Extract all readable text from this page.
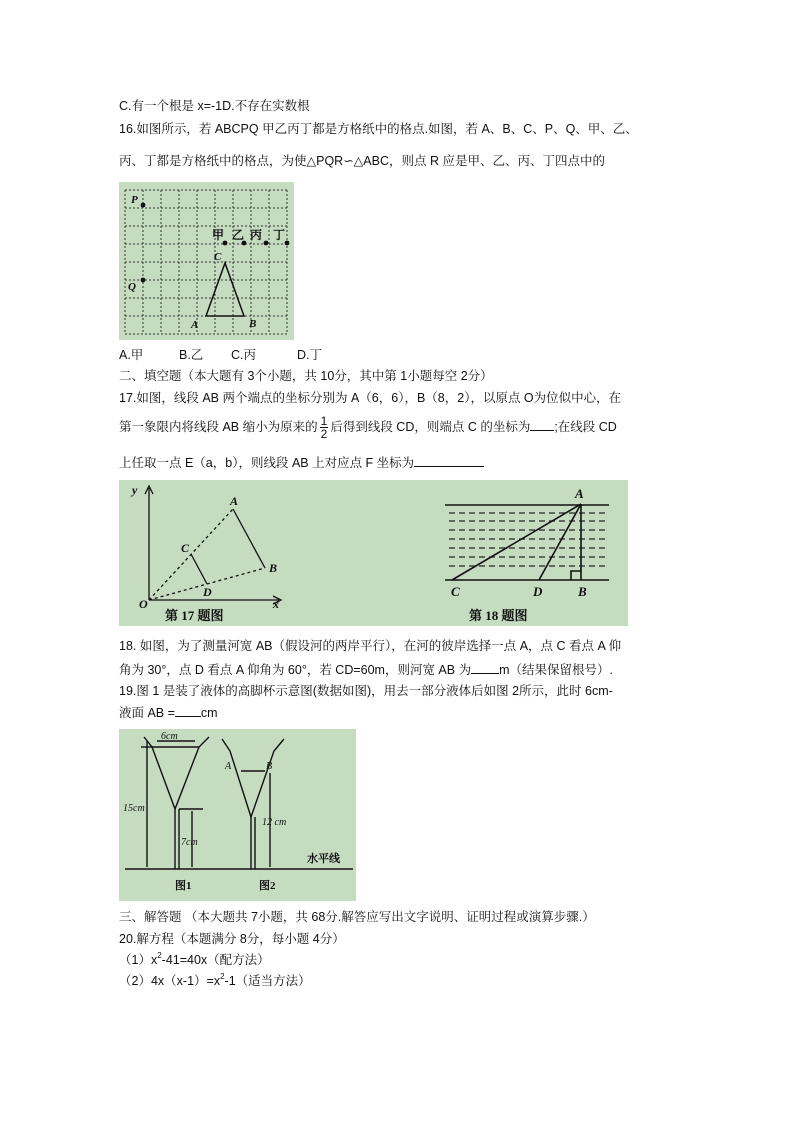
C.有一个根是 x=-1D.不存在实数根
16.如图所示，若 ABCPQ 甲乙丙丁都是方格纸中的格点.如图，若 A、B、C、P、Q、甲、乙、
丙、丁都是方格纸中的格点，为使△PQR∽△ABC，则点 R 应是甲、乙、丙、丁四点中的
P
Q
A	B
C
甲 乙 丙 丁
A.甲	B.乙 C.丙	D.丁
二、填空题（本大题有 3个小题，共 10分，其中第 1小题每空 2分）
17.如图，线段 AB 两个端点的坐标分别为 A（6，6），B（8，2），以原点 O为位似中心，在
第一象限内将线段 AB 缩小为原来的 $\frac{1}{2}$ 后得到线段 CD，则端点 C 的坐标为 ;在线段 CD
上任取一点 E（a，b），则线段 AB 上对应点 F 坐标为
y
x
O
A
B
C
D
第 17 题图
A
B
C	D
第 18 题图
18. 如图，为了测量河宽 AB（假设河的两岸平行），在河的彼岸选择一点 A，点 C 看点 A 仰
角为 30°，点 D 看点 A 仰角为 60°，若 CD=60m，则河宽 AB 为 m（结果保留根号）.
19.图 1 是装了液体的高脚杯示意图(数据如图)，用去一部分液体后如图 2所示，此时 6cm-
液面 AB = cm
6cm
15cm
7cm
12 cm
A	B
水平线
图1	图2
三、解答题 （本大题共 7小题，共 68分.解答应写出文字说明、证明过程或演算步骤.）
20.解方程（本题满分 8分，每小题 4分）
$(1)x^2-41=40x$（配方法）
$(2)4x(x-1)=x^2-1$（适当方法）
